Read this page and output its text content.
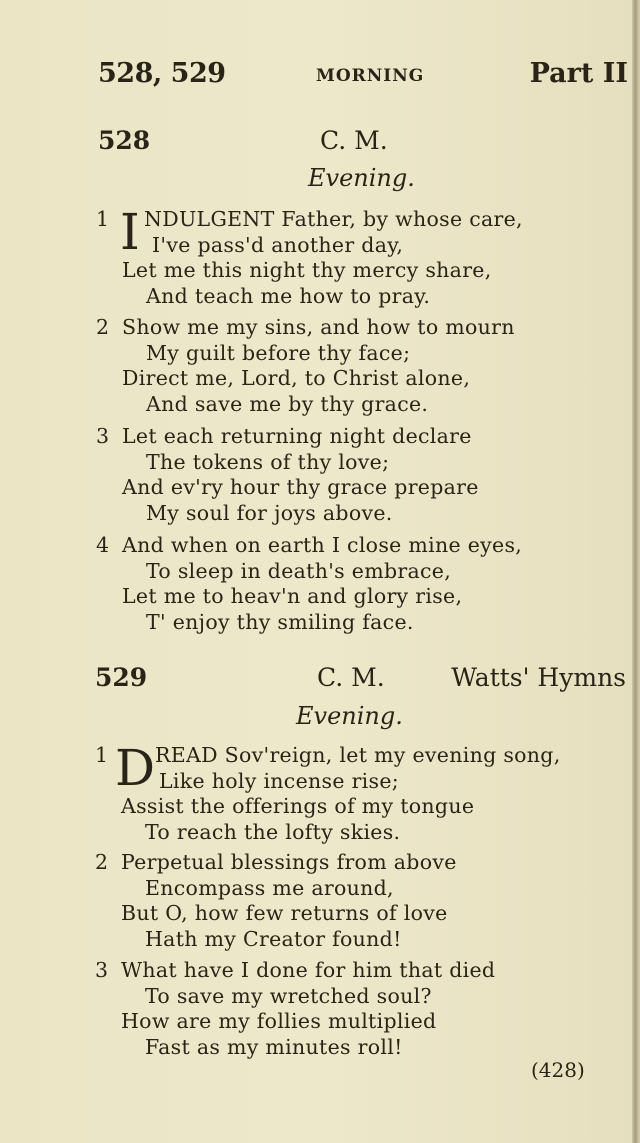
528, 529	MORNING	Part II
528	C. M.
Evening.
1 I NDULGENT Father, by whose care,
I've pass'd another day,
Let me this night thy mercy share,
And teach me how to pray.
2 Show me my sins, and how to mourn
My guilt before thy face;
Direct me, Lord, to Christ alone,
And save me by thy grace.
3 Let each returning night declare
The tokens of thy love;
And ev'ry hour thy grace prepare
My soul for joys above.
4 And when on earth I close mine eyes,
To sleep in death's embrace,
Let me to heav'n and glory rise,
T' enjoy thy smiling face.
529	C. M.	Watts' Hymns
Evening.
1 D READ Sov'reign, let my evening song,
Like holy incense rise;
Assist the offerings of my tongue
To reach the lofty skies.
2 Perpetual blessings from above
Encompass me around,
But O, how few returns of love
Hath my Creator found!
3 What have I done for him that died
To save my wretched soul?
How are my follies multiplied
Fast as my minutes roll!
(428)
